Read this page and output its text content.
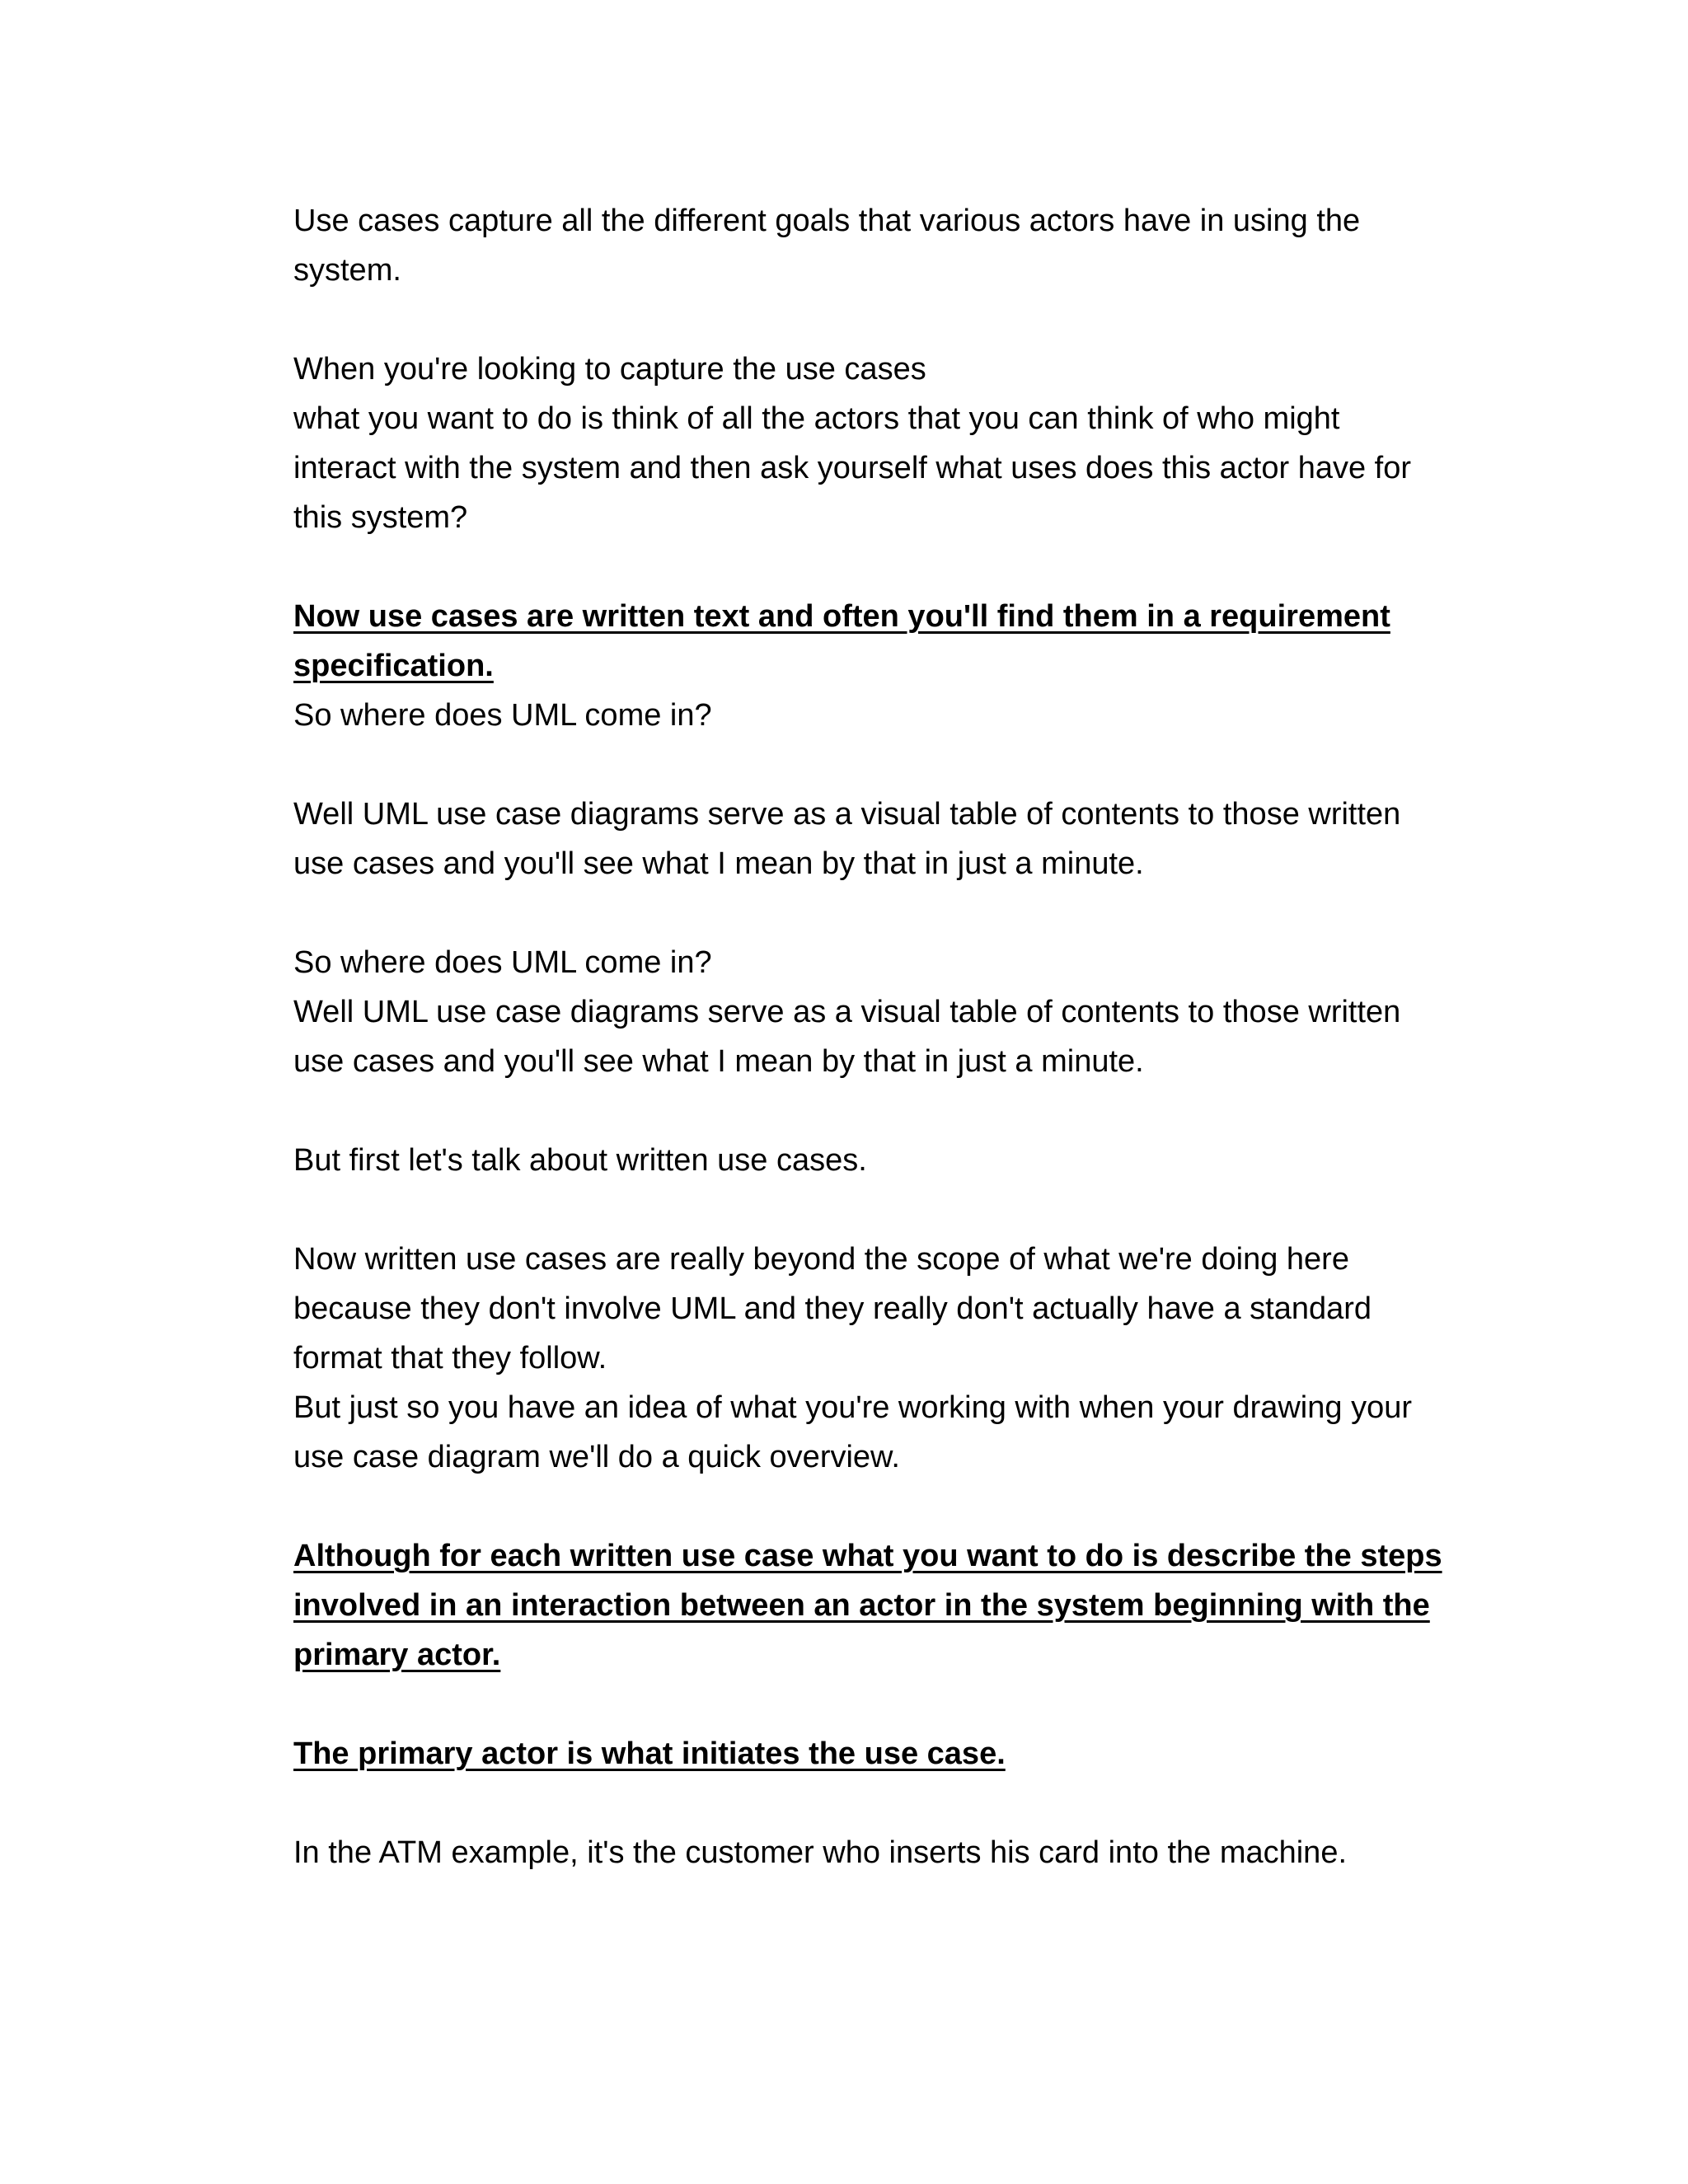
Use cases capture all the different goals that various actors have in using the
system.

When you're looking to capture the use cases
what you want to do is think of all the actors that you can think of who might
interact with the system and then ask yourself what uses does this actor have for
this system?

Now use cases are written text and often you'll find them in a requirement
specification.
So where does UML come in?

Well UML use case diagrams serve as a visual table of contents to those written
use cases and you'll see what I mean by that in just a minute.

So where does UML come in?
Well UML use case diagrams serve as a visual table of contents to those written
use cases and you'll see what I mean by that in just a minute.

But first let's talk about written use cases.

Now written use cases are really beyond the scope of what we're doing here
because they don't involve UML and they really don't actually have a standard
format that they follow.
But just so you have an idea of what you're working with when your drawing your
use case diagram we'll do a quick overview.

Although for each written use case what you want to do is describe the steps
involved in an interaction between an actor in the system beginning with the
primary actor.

The primary actor is what initiates the use case.

In the ATM example, it's the customer who inserts his card into the machine.
